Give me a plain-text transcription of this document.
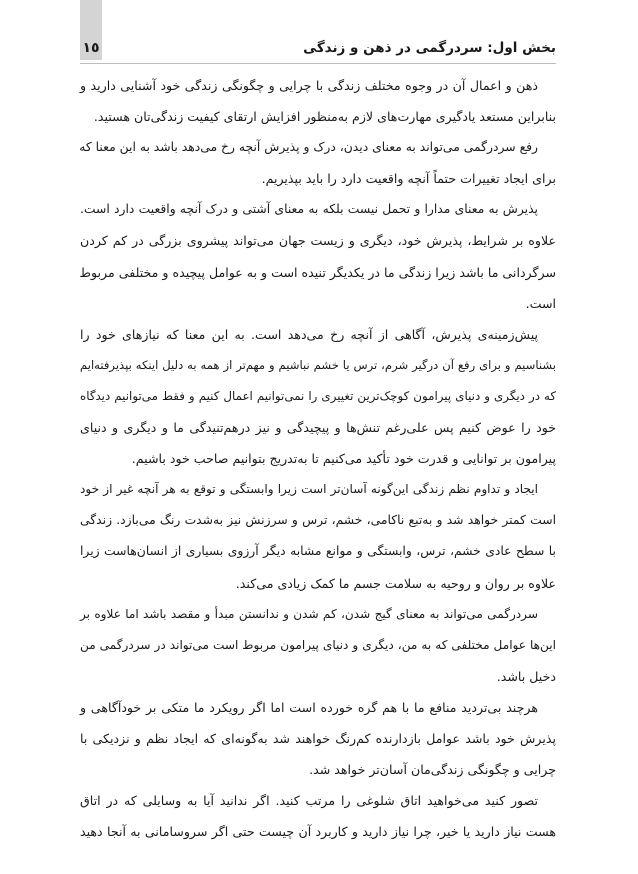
بخش اول: سردرگمی در ذهن و زندگی
١٥

ذهن و اعمال آن در وجوه مختلف زندگی با چرایی و چگونگی زندگی خود آشنایی دارید و
بنابراین مستعد یادگیری مهارت‌های لازم به‌منظور افزایش ارتقای کیفیت زندگی‌تان هستید.

رفع سردرگمی می‌تواند به معنای دیدن، درک و پذیرش آنچه رخ می‌دهد باشد به این معنا که
برای ایجاد تغییرات حتماً آنچه واقعیت دارد را باید بپذیریم.

پذیرش به معنای مدارا و تحمل نیست بلکه به معنای آشتی و درک آنچه واقعیت دارد است.
علاوه بر شرایط، پذیرش خود، دیگری و زیست جهان می‌تواند پیشروی بزرگی در کم کردن
سرگردانی ما باشد زیرا زندگی ما در یکدیگر تنیده است و به عوامل پیچیده و مختلفی مربوط
است.

پیش‌زمینه‌ی پذیرش، آگاهی از آنچه رخ می‌دهد است. به این معنا که نیازهای خود را
بشناسیم و برای رفع آن درگیر شرم، ترس یا خشم نباشیم و مهم‌تر از همه به دلیل اینکه بپذیرفته‌ایم
که در دیگری و دنیای پیرامون کوچک‌ترین تغییری را نمی‌توانیم اعمال کنیم و فقط می‌توانیم دیدگاه
خود را عوض کنیم پس علی‌رغم تنش‌ها و پیچیدگی و نیز درهم‌تنیدگی ما و دیگری و دنیای
پیرامون بر توانایی و قدرت خود تأکید می‌کنیم تا به‌تدریج بتوانیم صاحب خود باشیم.

ایجاد و تداوم نظم زندگی این‌گونه آسان‌تر است زیرا وابستگی و توقع به هر آنچه غیر از خود
است کمتر خواهد شد و به‌تبع ناکامی، خشم، ترس و سرزنش نیز به‌شدت رنگ می‌بازد. زندگی
با سطح عادی خشم، ترس، وابستگی و موانع مشابه دیگر آرزوی بسیاری از انسان‌هاست زیرا
علاوه بر روان و روحیه به سلامت جسم ما کمک زیادی می‌کند.

سردرگمی می‌تواند به معنای گیج شدن، کم شدن و ندانستن مبدأ و مقصد باشد اما علاوه بر
این‌ها عوامل مختلفی که به من، دیگری و دنیای پیرامون مربوط است می‌تواند در سردرگمی من
دخیل باشد.

هرچند بی‌تردید منافع ما با هم گره خورده است اما اگر رویکرد ما متکی بر خودآگاهی و
پذیرش خود باشد عوامل بازدارنده کم‌رنگ خواهند شد به‌گونه‌ای که ایجاد نظم و نزدیکی با
چرایی و چگونگی زندگی‌مان آسان‌تر خواهد شد.

تصور کنید می‌خواهید اتاق شلوغی را مرتب کنید. اگر ندانید آیا به وسایلی که در اتاق
هست نیاز دارید یا خیر، چرا نیاز دارید و کاربرد آن چیست حتی اگر سروسامانی به آنجا دهید
